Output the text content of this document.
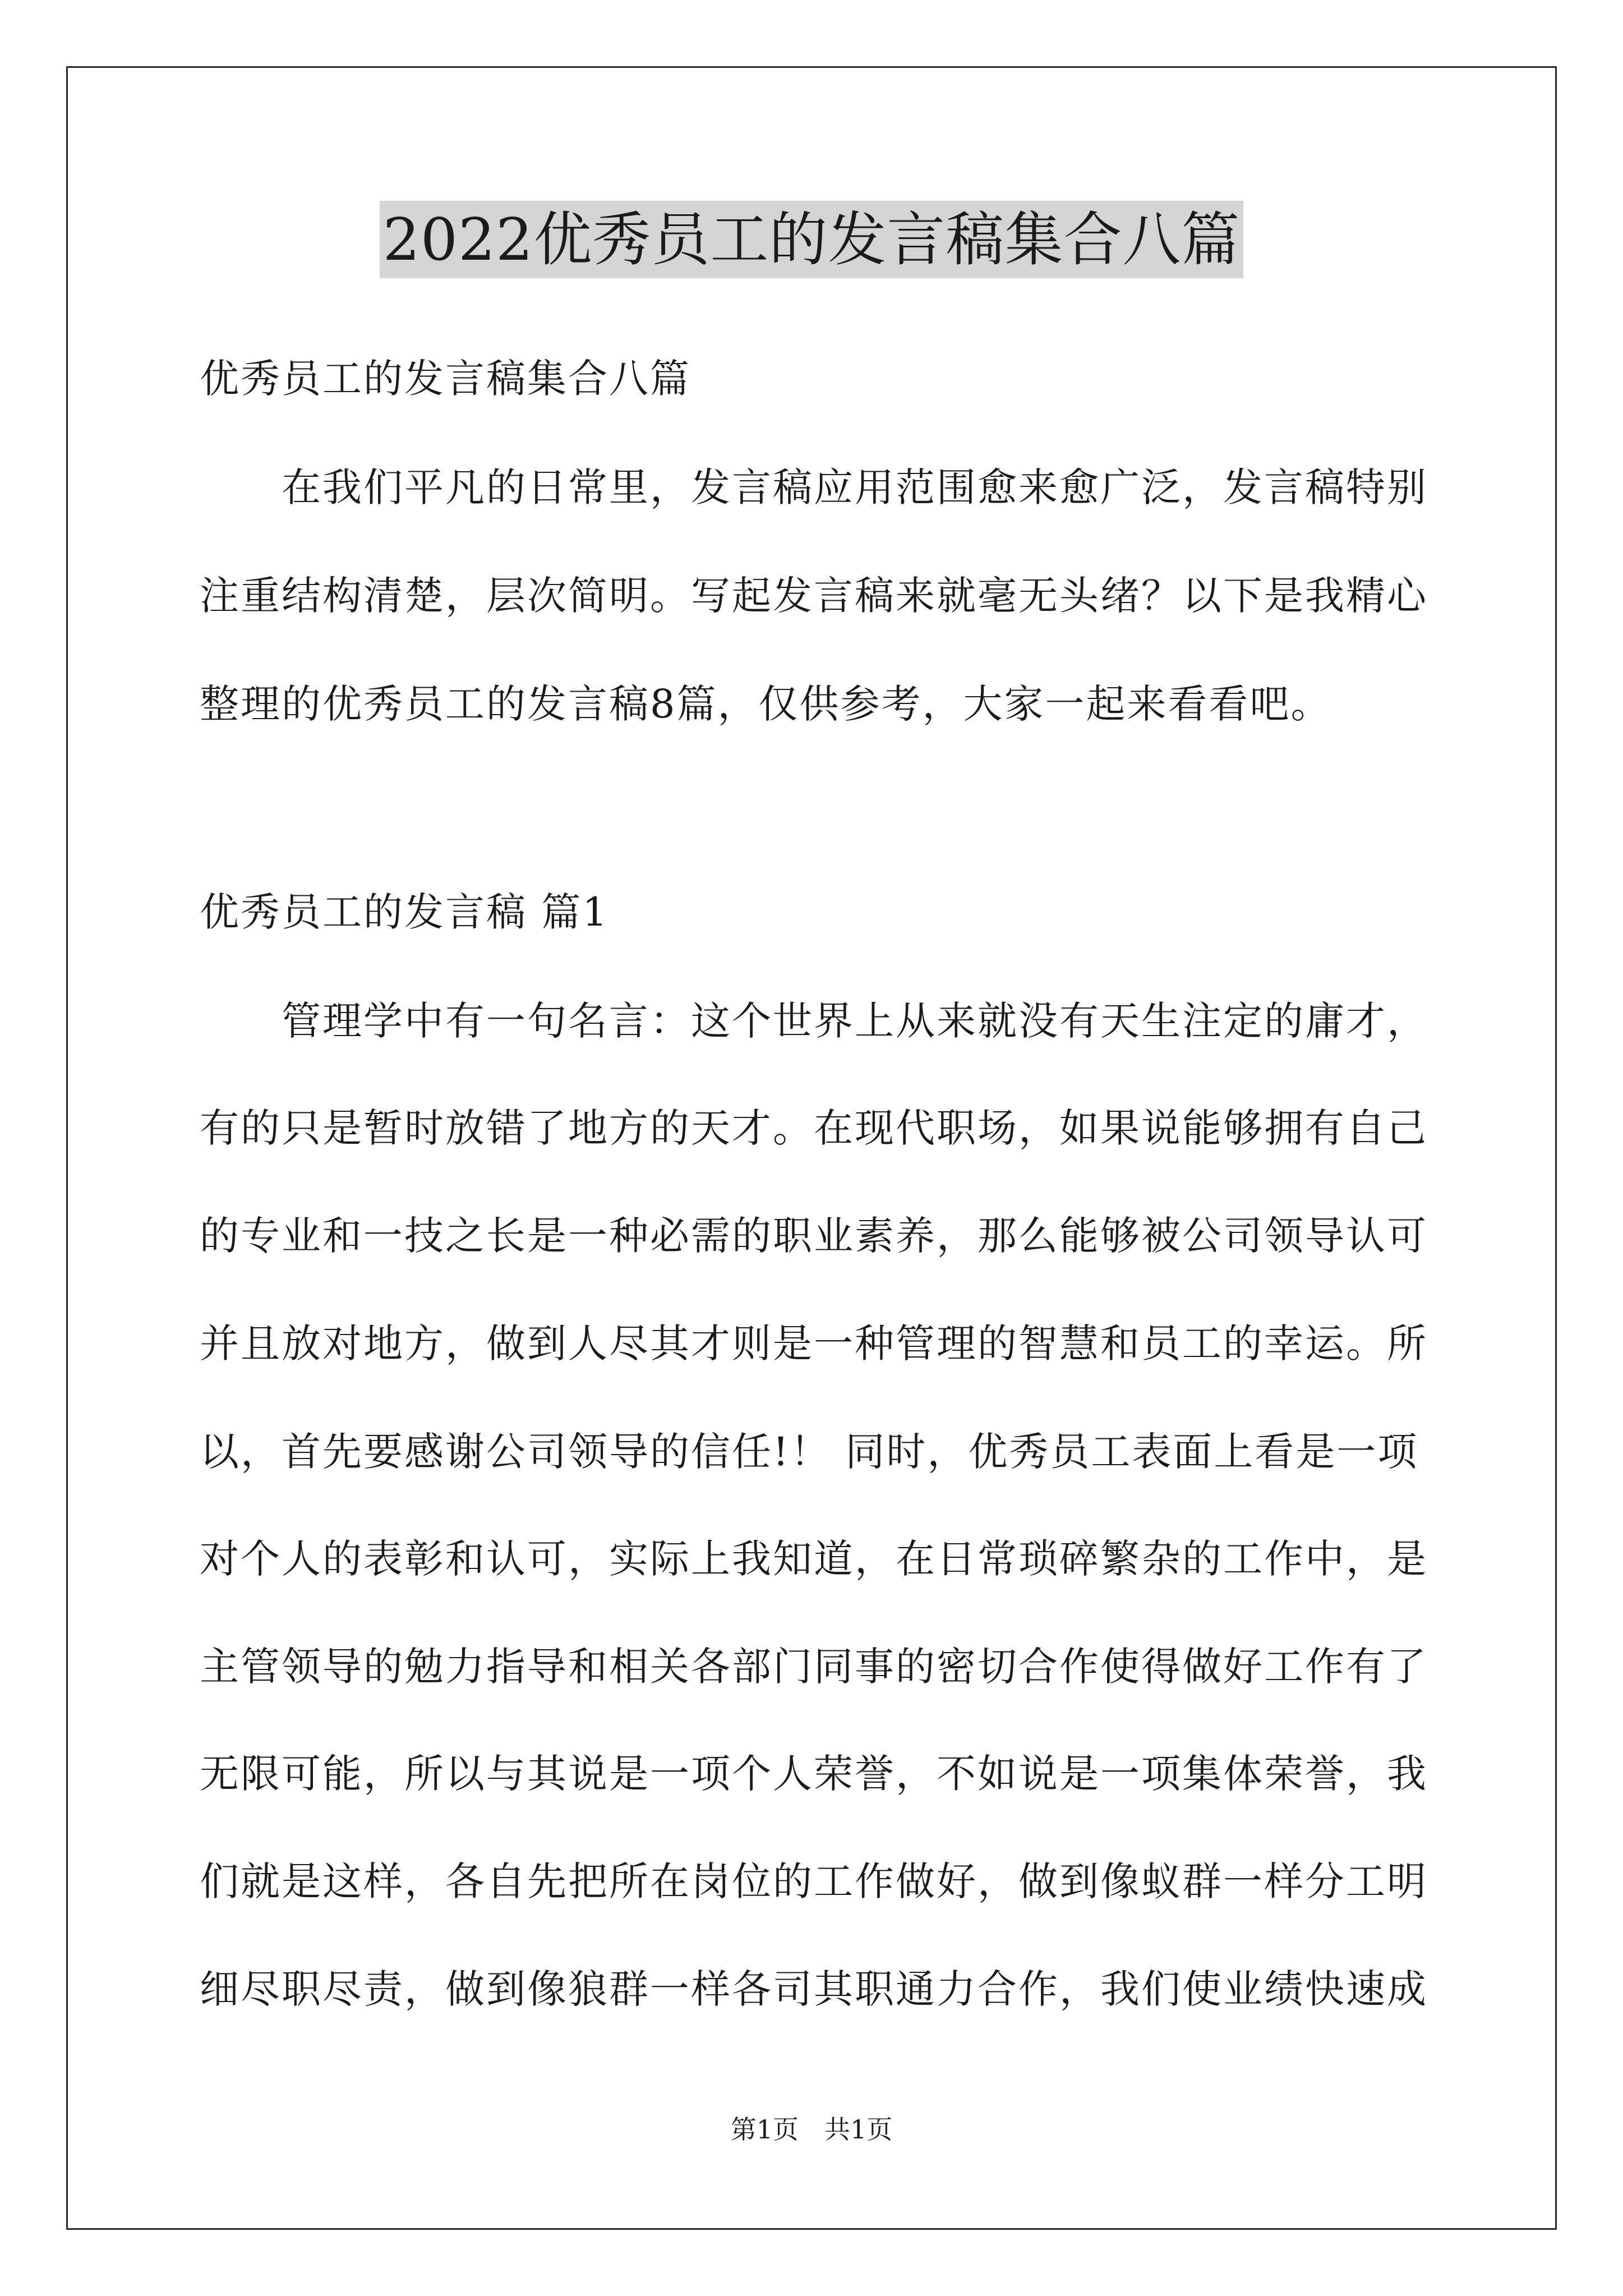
2022优秀员工的发言稿集合八篇
优秀员工的发言稿集合八篇
　　在我们平凡的日常里，发言稿应用范围愈来愈广泛，发言稿特别
注重结构清楚，层次简明。写起发言稿来就毫无头绪？以下是我精心
整理的优秀员工的发言稿8篇，仅供参考，大家一起来看看吧。
优秀员工的发言稿 篇1
　　管理学中有一句名言：这个世界上从来就没有天生注定的庸才，
有的只是暂时放错了地方的天才。在现代职场，如果说能够拥有自己
的专业和一技之长是一种必需的职业素养，那么能够被公司领导认可
并且放对地方，做到人尽其才则是一种管理的智慧和员工的幸运。所
以，首先要感谢公司领导的信任!！ 同时，优秀员工表面上看是一项
对个人的表彰和认可，实际上我知道，在日常琐碎繁杂的工作中，是
主管领导的勉力指导和相关各部门同事的密切合作使得做好工作有了
无限可能，所以与其说是一项个人荣誉，不如说是一项集体荣誉，我
们就是这样，各自先把所在岗位的工作做好，做到像蚁群一样分工明
细尽职尽责，做到像狼群一样各司其职通力合作，我们使业绩快速成
第1页　共1页
